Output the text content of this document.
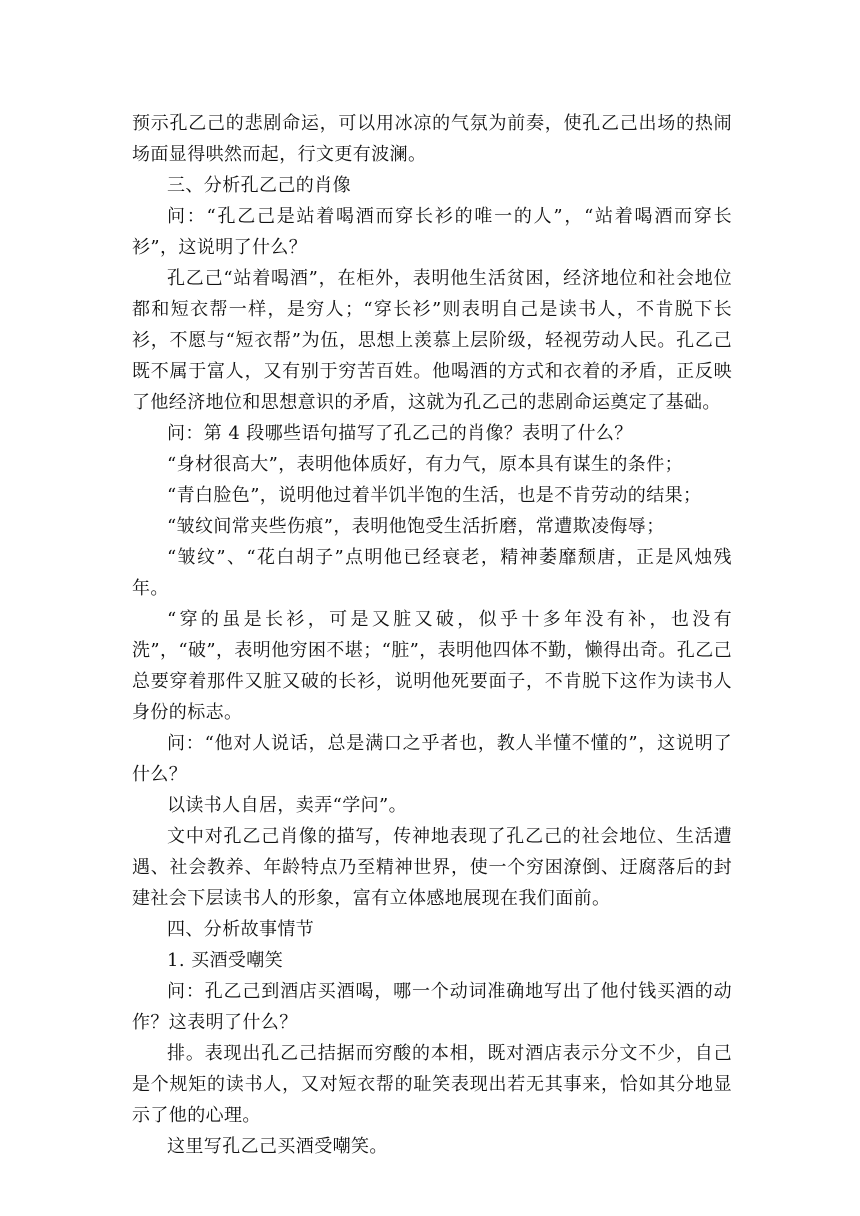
预示孔乙己的悲剧命运，可以用冰凉的气氛为前奏，使孔乙己出场的热闹场面显得哄然而起，行文更有波澜。

三、分析孔乙己的肖像

问：“孔乙己是站着喝酒而穿长衫的唯一的人”，“站着喝酒而穿长衫”，这说明了什么？

孔乙己“站着喝酒”，在柜外，表明他生活贫困，经济地位和社会地位都和短衣帮一样，是穷人；“穿长衫”则表明自己是读书人，不肯脱下长衫，不愿与“短衣帮”为伍，思想上羡慕上层阶级，轻视劳动人民。孔乙己既不属于富人，又有别于穷苦百姓。他喝酒的方式和衣着的矛盾，正反映了他经济地位和思想意识的矛盾，这就为孔乙己的悲剧命运奠定了基础。

问：第 4 段哪些语句描写了孔乙己的肖像？表明了什么？

“身材很高大”，表明他体质好，有力气，原本具有谋生的条件；

“青白脸色”，说明他过着半饥半饱的生活，也是不肯劳动的结果；

“皱纹间常夹些伤痕”，表明他饱受生活折磨，常遭欺凌侮辱；

“皱纹”、“花白胡子”点明他已经衰老，精神萎靡颓唐，正是风烛残年。

“穿的虽是长衫，可是又脏又破，似乎十多年没有补，也没有洗”，“破”，表明他穷困不堪；“脏”，表明他四体不勤，懒得出奇。孔乙己总要穿着那件又脏又破的长衫，说明他死要面子，不肯脱下这作为读书人身份的标志。

问：“他对人说话，总是满口之乎者也，教人半懂不懂的”，这说明了什么？

以读书人自居，卖弄“学问”。

文中对孔乙己肖像的描写，传神地表现了孔乙己的社会地位、生活遭遇、社会教养、年龄特点乃至精神世界，使一个穷困潦倒、迂腐落后的封建社会下层读书人的形象，富有立体感地展现在我们面前。

四、分析故事情节

1. 买酒受嘲笑

问：孔乙己到酒店买酒喝，哪一个动词准确地写出了他付钱买酒的动作？这表明了什么？

排。表现出孔乙己拮据而穷酸的本相，既对酒店表示分文不少，自己是个规矩的读书人，又对短衣帮的耻笑表现出若无其事来，恰如其分地显示了他的心理。

这里写孔乙己买酒受嘲笑。
